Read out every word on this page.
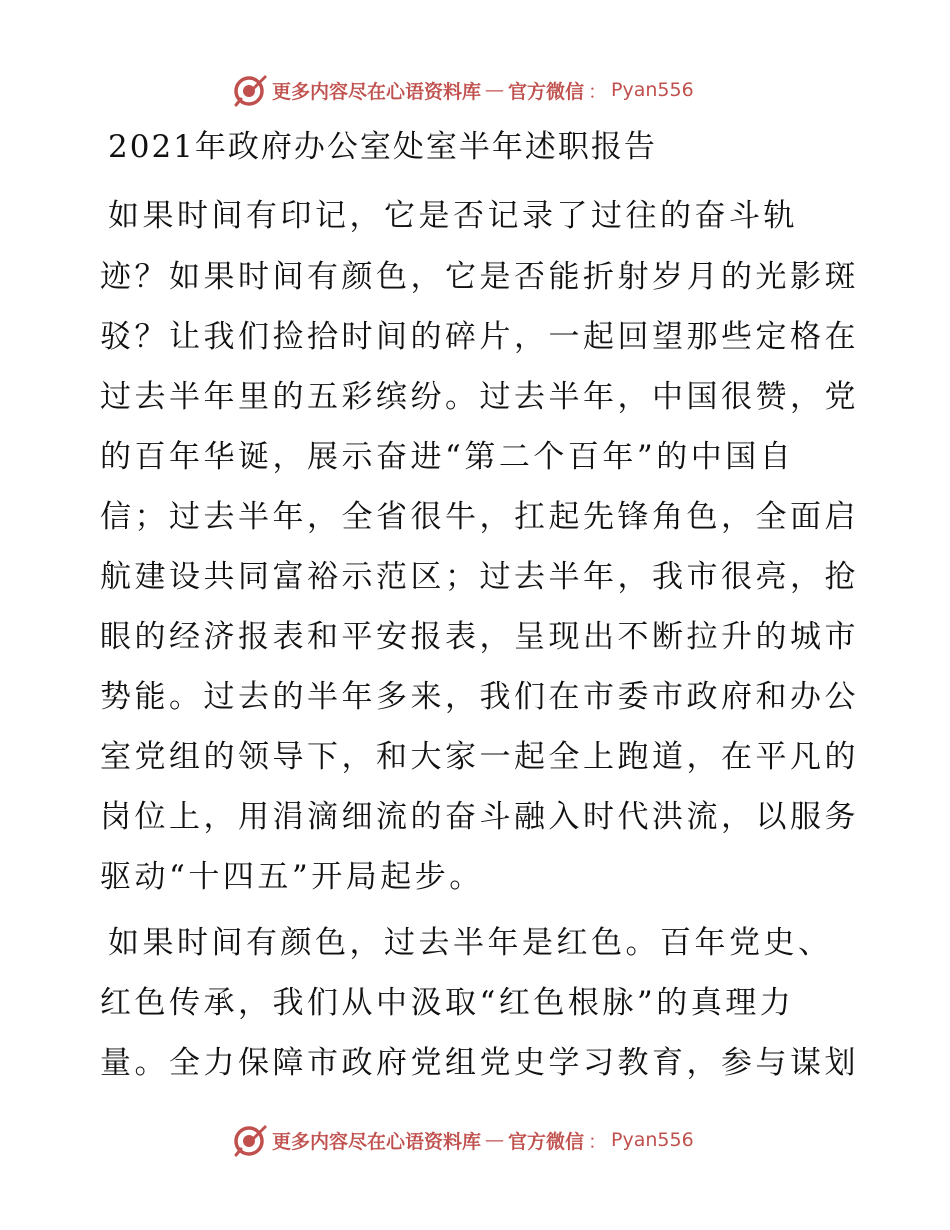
更多内容尽在心语资料库 — 官方微信 ： Pyan556
2021年政府办公室处室半年述职报告

如果时间有印记，它是否记录了过往的奋斗轨

迹？如果时间有颜色，它是否能折射岁月的光影斑

驳？让我们捡拾时间的碎片，一起回望那些定格在

过去半年里的五彩缤纷。过去半年，中国很赞，党

的百年华诞，展示奋进“第二个百年”的中国自

信；过去半年，全省很牛，扛起先锋角色，全面启

航建设共同富裕示范区；过去半年，我市很亮，抢

眼的经济报表和平安报表，呈现出不断拉升的城市

势能。过去的半年多来，我们在市委市政府和办公

室党组的领导下，和大家一起全上跑道，在平凡的

岗位上，用涓滴细流的奋斗融入时代洪流，以服务

驱动“十四五”开局起步。

如果时间有颜色，过去半年是红色。百年党史、

红色传承，我们从中汲取“红色根脉”的真理力

量。全力保障市政府党组党史学习教育，参与谋划

更多内容尽在心语资料库 — 官方微信 ： Pyan556
